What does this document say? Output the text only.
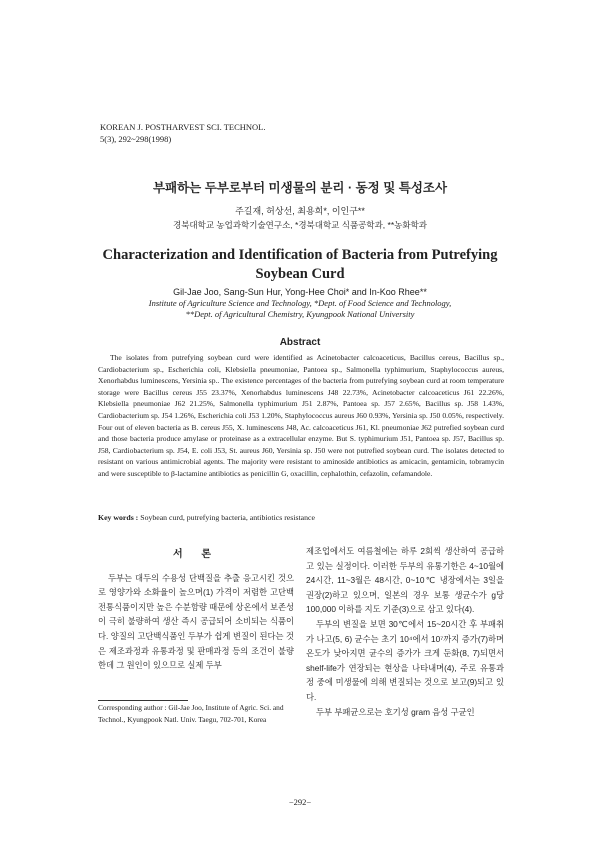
KOREAN J. POSTHARVEST SCI. TECHNOL.
5(3), 292~298(1998)
부패하는 두부로부터 미생물의 분리 · 동정 및 특성조사
주길재, 허상선, 최용희*, 이인구**
경북대학교 농업과학기술연구소, *경북대학교 식품공학과, **농화학과
Characterization and Identification of Bacteria from Putrefying Soybean Curd
Gil-Jae Joo, Sang-Sun Hur, Yong-Hee Choi* and In-Koo Rhee**
Institute of Agriculture Science and Technology, *Dept. of Food Science and Technology,
**Dept. of Agricultural Chemistry, Kyungpook National University
Abstract

The isolates from putrefying soybean curd were identified as Acinetobacter calcoaceticus, Bacillus cereus, Bacillus sp., Cardiobacterium sp., Escherichia coli, Klebsiella pneumoniae, Pantoea sp., Salmonella typhimurium, Staphylococcus aureus, Xenorhabdus luminescens, Yersinia sp.. The existence percentages of the bacteria from putrefying soybean curd at room temperature storage were Bacillus cereus J55 23.37%, Xenorhabdus luminescens J48 22.73%, Acinetobacter calcoaceticus J61 22.26%, Klebsiella pneumoniae J62 21.25%, Salmonella typhimurium J51 2.87%, Pantoea sp. J57 2.65%, Bacillus sp. J58 1.43%, Cardiobacterium sp. J54 1.26%, Escherichia coli J53 1.20%, Staphylococcus aureus J60 0.93%, Yersinia sp. J50 0.05%, respectively. Four out of eleven bacteria as B. cereus J55, X. luminescens J48, Ac. calcoaceticus J61, Kl. pneumoniae J62 putrefied soybean curd and those bacteria produce amylase or proteinase as a extracellular enzyme. But S. typhimurium J51, Pantoea sp. J57, Bacillus sp. J58, Cardiobacterium sp. J54, E. coli J53, St. aureus J60, Yersinia sp. J50 were not putrefied soybean curd. The isolates detected to resistant on various antimicrobial agents. The majority were resistant to aminoside antibiotics as amicacin, gentamicin, tobramycin and were susceptible to β-lactamine antibiotics as penicillin G, oxacillin, cephalothin, cefazolin, cefamandole.

Key words : Soybean curd, putrefying bacteria, antibiotics resistance
서 론

두부는 대두의 수용성 단백질을 추출 응고시킨 것으로 영양가와 소화율이 높으며(1) 가격이 저렴한 고단백 전통식품이지만 높은 수분함량 때문에 상온에서 보존성이 극히 불량하여 생산 즉시 공급되어 소비되는 식품이다. 양질의 고단백식품인 두부가 쉽게 변질이 된다는 것은 제조과정과 유통과정 및 판매과정 등의 조건이 불량한데 그 원인이 있으므로 실제 두부

Corresponding author : Gil-Jae Joo, Institute of Agric. Sci. and Technol., Kyungpook Natl. Univ. Taegu, 702-701, Korea

제조업에서도 여름철에는 하루 2회씩 생산하여 공급하고 있는 실정이다. 이러한 두부의 유통기한은 4~10월에 24시간, 11~3월은 48시간, 0~10℃ 냉장에서는 3일을 권장(2)하고 있으며, 일본의 경우 보통 생균수가 g당 100,000 이하를 지도 기준(3)으로 삼고 있다(4).

두부의 변질을 보면 30℃에서 15~20시간 후 부패취가 나고(5, 6) 균수는 초기 10⁴에서 10⁷까지 증가(7)하며 온도가 낮아지면 균수의 증가가 크게 둔화(8, 7)되면서 shelf-life가 연장되는 현상을 나타내며(4), 주로 유통과정 중에 미생물에 의해 변질되는 것으로 보고(9)되고 있다.

두부 부패균으로는 호기성 gram 음성 구균인

−292−
